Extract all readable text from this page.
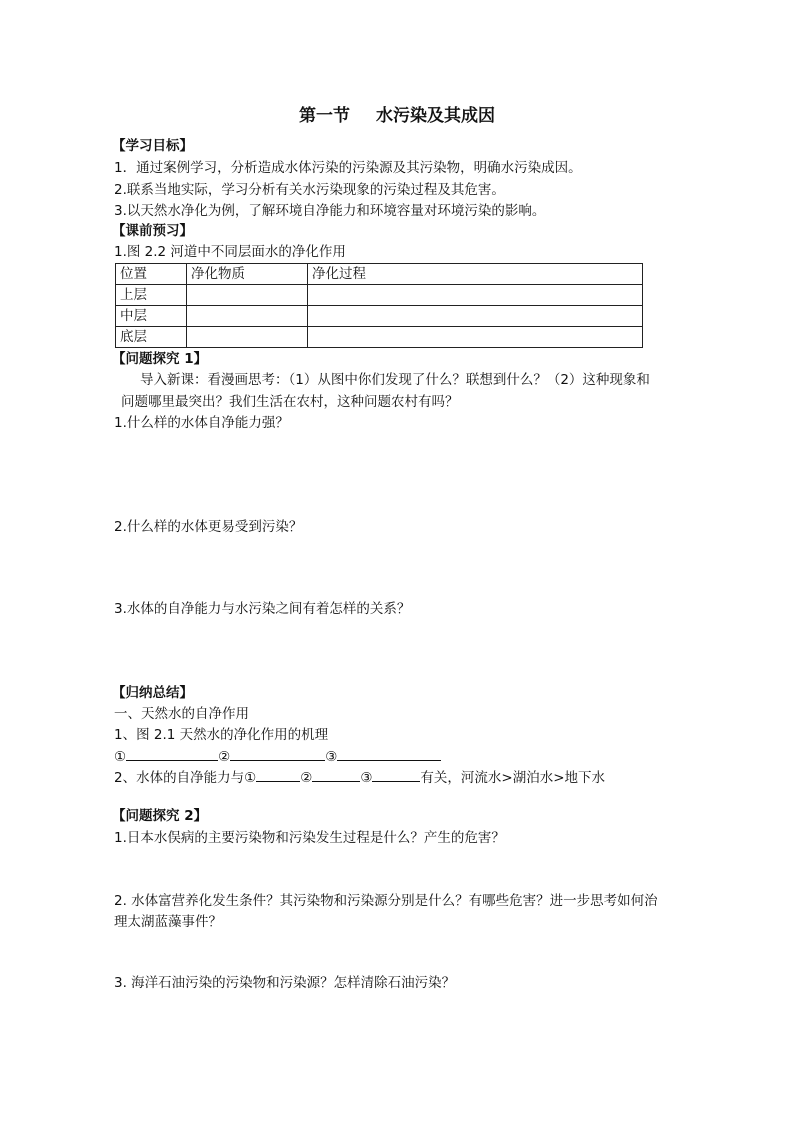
第一节 水污染及其成因
【学习目标】
1．通过案例学习，分析造成水体污染的污染源及其污染物，明确水污染成因。
2.联系当地实际，学习分析有关水污染现象的污染过程及其危害。
3.以天然水净化为例，了解环境自净能力和环境容量对环境污染的影响。
【课前预习】
1.图 2.2 河道中不同层面水的净化作用
位置	净化物质	净化过程
上层		
中层		
底层		
【问题探究 1】
导入新课：看漫画思考：（1）从图中你们发现了什么？联想到什么？（2）这种现象和
问题哪里最突出？我们生活在农村，这种问题农村有吗？
1.什么样的水体自净能力强？
2.什么样的水体更易受到污染？
3.水体的自净能力与水污染之间有着怎样的关系？
【归纳总结】
一、天然水的自净作用
1、图 2.1 天然水的净化作用的机理
①	②	③
2、水体的自净能力与①	②	③	有关，河流水>湖泊水>地下水
【问题探究 2】
1.日本水俣病的主要污染物和污染发生过程是什么？产生的危害？
2. 水体富营养化发生条件？其污染物和污染源分别是什么？有哪些危害？进一步思考如何治
理太湖蓝藻事件？
3. 海洋石油污染的污染物和污染源？怎样清除石油污染？
